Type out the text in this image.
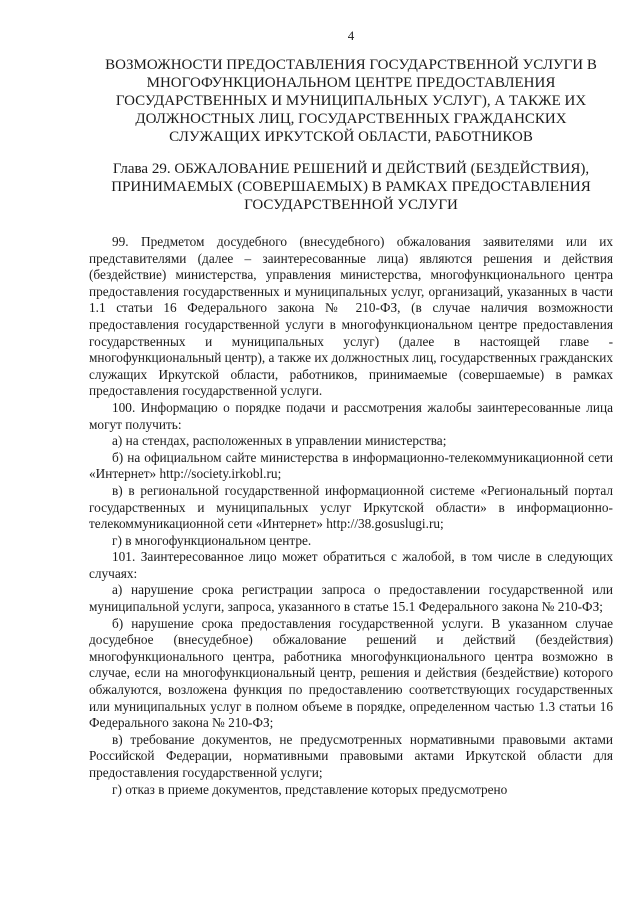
4
ВОЗМОЖНОСТИ ПРЕДОСТАВЛЕНИЯ ГОСУДАРСТВЕННОЙ УСЛУГИ В МНОГОФУНКЦИОНАЛЬНОМ ЦЕНТРЕ ПРЕДОСТАВЛЕНИЯ ГОСУДАРСТВЕННЫХ И МУНИЦИПАЛЬНЫХ УСЛУГ), А ТАКЖЕ ИХ ДОЛЖНОСТНЫХ ЛИЦ, ГОСУДАРСТВЕННЫХ ГРАЖДАНСКИХ СЛУЖАЩИХ ИРКУТСКОЙ ОБЛАСТИ, РАБОТНИКОВ
Глава 29. ОБЖАЛОВАНИЕ РЕШЕНИЙ И ДЕЙСТВИЙ (БЕЗДЕЙСТВИЯ), ПРИНИМАЕМЫХ (СОВЕРШАЕМЫХ) В РАМКАХ ПРЕДОСТАВЛЕНИЯ ГОСУДАРСТВЕННОЙ УСЛУГИ

99. Предметом досудебного (внесудебного) обжалования заявителями или их представителями (далее – заинтересованные лица) являются решения и действия (бездействие) министерства, управления министерства, многофункционального центра предоставления государственных и муниципальных услуг, организаций, указанных в части 1.1 статьи 16 Федерального закона № 210-ФЗ, (в случае наличия возможности предоставления государственной услуги в многофункциональном центре предоставления государственных и муниципальных услуг) (далее в настоящей главе - многофункциональный центр), а также их должностных лиц, государственных гражданских служащих Иркутской области, работников, принимаемые (совершаемые) в рамках предоставления государственной услуги.

100. Информацию о порядке подачи и рассмотрения жалобы заинтересованные лица могут получить:

а) на стендах, расположенных в управлении министерства;

б) на официальном сайте министерства в информационно-телекоммуникационной сети «Интернет» http://society.irkobl.ru;

в) в региональной государственной информационной системе «Региональный портал государственных и муниципальных услуг Иркутской области» в информационно-телекоммуникационной сети «Интернет» http://38.gosuslugi.ru;

г) в многофункциональном центре.

101. Заинтересованное лицо может обратиться с жалобой, в том числе в следующих случаях:

а) нарушение срока регистрации запроса о предоставлении государственной или муниципальной услуги, запроса, указанного в статье 15.1 Федерального закона № 210-ФЗ;

б) нарушение срока предоставления государственной услуги. В указанном случае досудебное (внесудебное) обжалование решений и действий (бездействия) многофункционального центра, работника многофункционального центра возможно в случае, если на многофункциональный центр, решения и действия (бездействие) которого обжалуются, возложена функция по предоставлению соответствующих государственных или муниципальных услуг в полном объеме в порядке, определенном частью 1.3 статьи 16 Федерального закона № 210-ФЗ;

в) требование документов, не предусмотренных нормативными правовыми актами Российской Федерации, нормативными правовыми актами Иркутской области для предоставления государственной услуги;

г) отказ в приеме документов, представление которых предусмотрено
